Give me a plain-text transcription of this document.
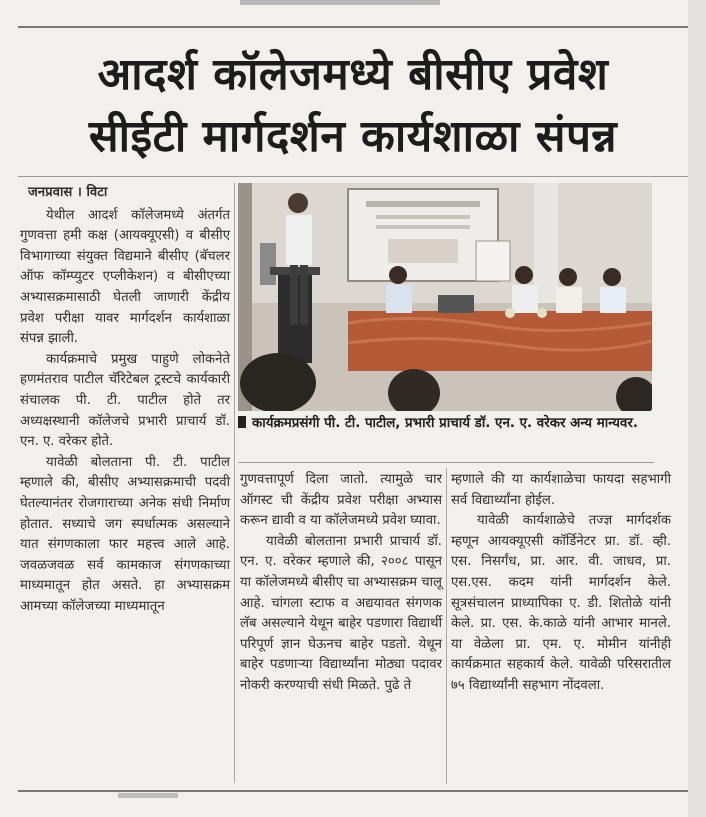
आदर्श कॉलेजमध्ये बीसीए प्रवेश
सीईटी मार्गदर्शन कार्यशाळा संपन्न
जनप्रवास । विटा

येथील आदर्श कॉलेजमध्ये अंतर्गत गुणवत्ता हमी कक्ष (आयक्यूएसी) व बीसीए विभागाच्या संयुक्त विद्यमाने बीसीए (बॅचलर ऑफ कॉम्प्युटर एप्लीकेशन) व बीसीएच्या अभ्यासक्रमासाठी घेतली जाणारी केंद्रीय प्रवेश परीक्षा यावर मार्गदर्शन कार्यशाळा संपन्न झाली.

कार्यक्रमाचे प्रमुख पाहुणे लोकनेते हणमंतराव पाटील चॅरिटेबल ट्रस्टचे कार्यकारी संचालक पी. टी. पाटील होते तर अध्यक्षस्थानी कॉलेजचे प्रभारी प्राचार्य डॉ. एन. ए. वरेकर होते.

यावेळी बोलताना पी. टी. पाटील म्हणाले की, बीसीए अभ्यासक्रमाची पदवी घेतल्यानंतर रोजगाराच्या अनेक संधी निर्माण होतात. सध्याचे जग स्पर्धात्मक असल्याने यात संगणकाला फार महत्त्व आले आहे. जवळजवळ सर्व कामकाज संगणकाच्या माध्यमातून होत असते. हा अभ्यासक्रम आमच्या कॉलेजच्या माध्यमातून

कार्यक्रमप्रसंगी पी. टी. पाटील, प्रभारी प्राचार्य डॉ. एन. ए. वरेकर अन्य मान्यवर.

गुणवत्तापूर्ण दिला जातो. त्यामुळे चार ऑगस्ट ची केंद्रीय प्रवेश परीक्षा अभ्यास करून द्यावी व या कॉलेजमध्ये प्रवेश घ्यावा.

यावेळी बोलताना प्रभारी प्राचार्य डॉ. एन. ए. वरेकर म्हणाले की, २००८ पासून या कॉलेजमध्ये बीसीए चा अभ्यासक्रम चालू आहे. चांगला स्टाफ व अद्ययावत संगणक लॅब असल्याने येथून बाहेर पडणारा विद्यार्थी परिपूर्ण ज्ञान घेऊनच बाहेर पडतो. येथून बाहेर पडणाऱ्या विद्यार्थ्यांना मोठ्या पदावर नोकरी करण्याची संधी मिळते. पुढे ते

म्हणाले की या कार्यशाळेचा फायदा सहभागी सर्व विद्यार्थ्यांना होईल.

यावेळी कार्यशाळेचे तज्ज्ञ मार्गदर्शक म्हणून आयक्यूएसी कॉर्डिनेटर प्रा. डॉ. व्ही. एस. निसर्गंध, प्रा. आर. वी. जाधव, प्रा. एस.एस. कदम यांनी मार्गदर्शन केले. सूत्रसंचालन प्राध्यापिका ए. डी. शितोळे यांनी केले. प्रा. एस. के.काळे यांनी आभार मानले. या वेळेला प्रा. एम. ए. मोमीन यांनीही कार्यक्रमात सहकार्य केले. यावेळी परिसरातील ७५ विद्यार्थ्यांनी सहभाग नोंदवला.
